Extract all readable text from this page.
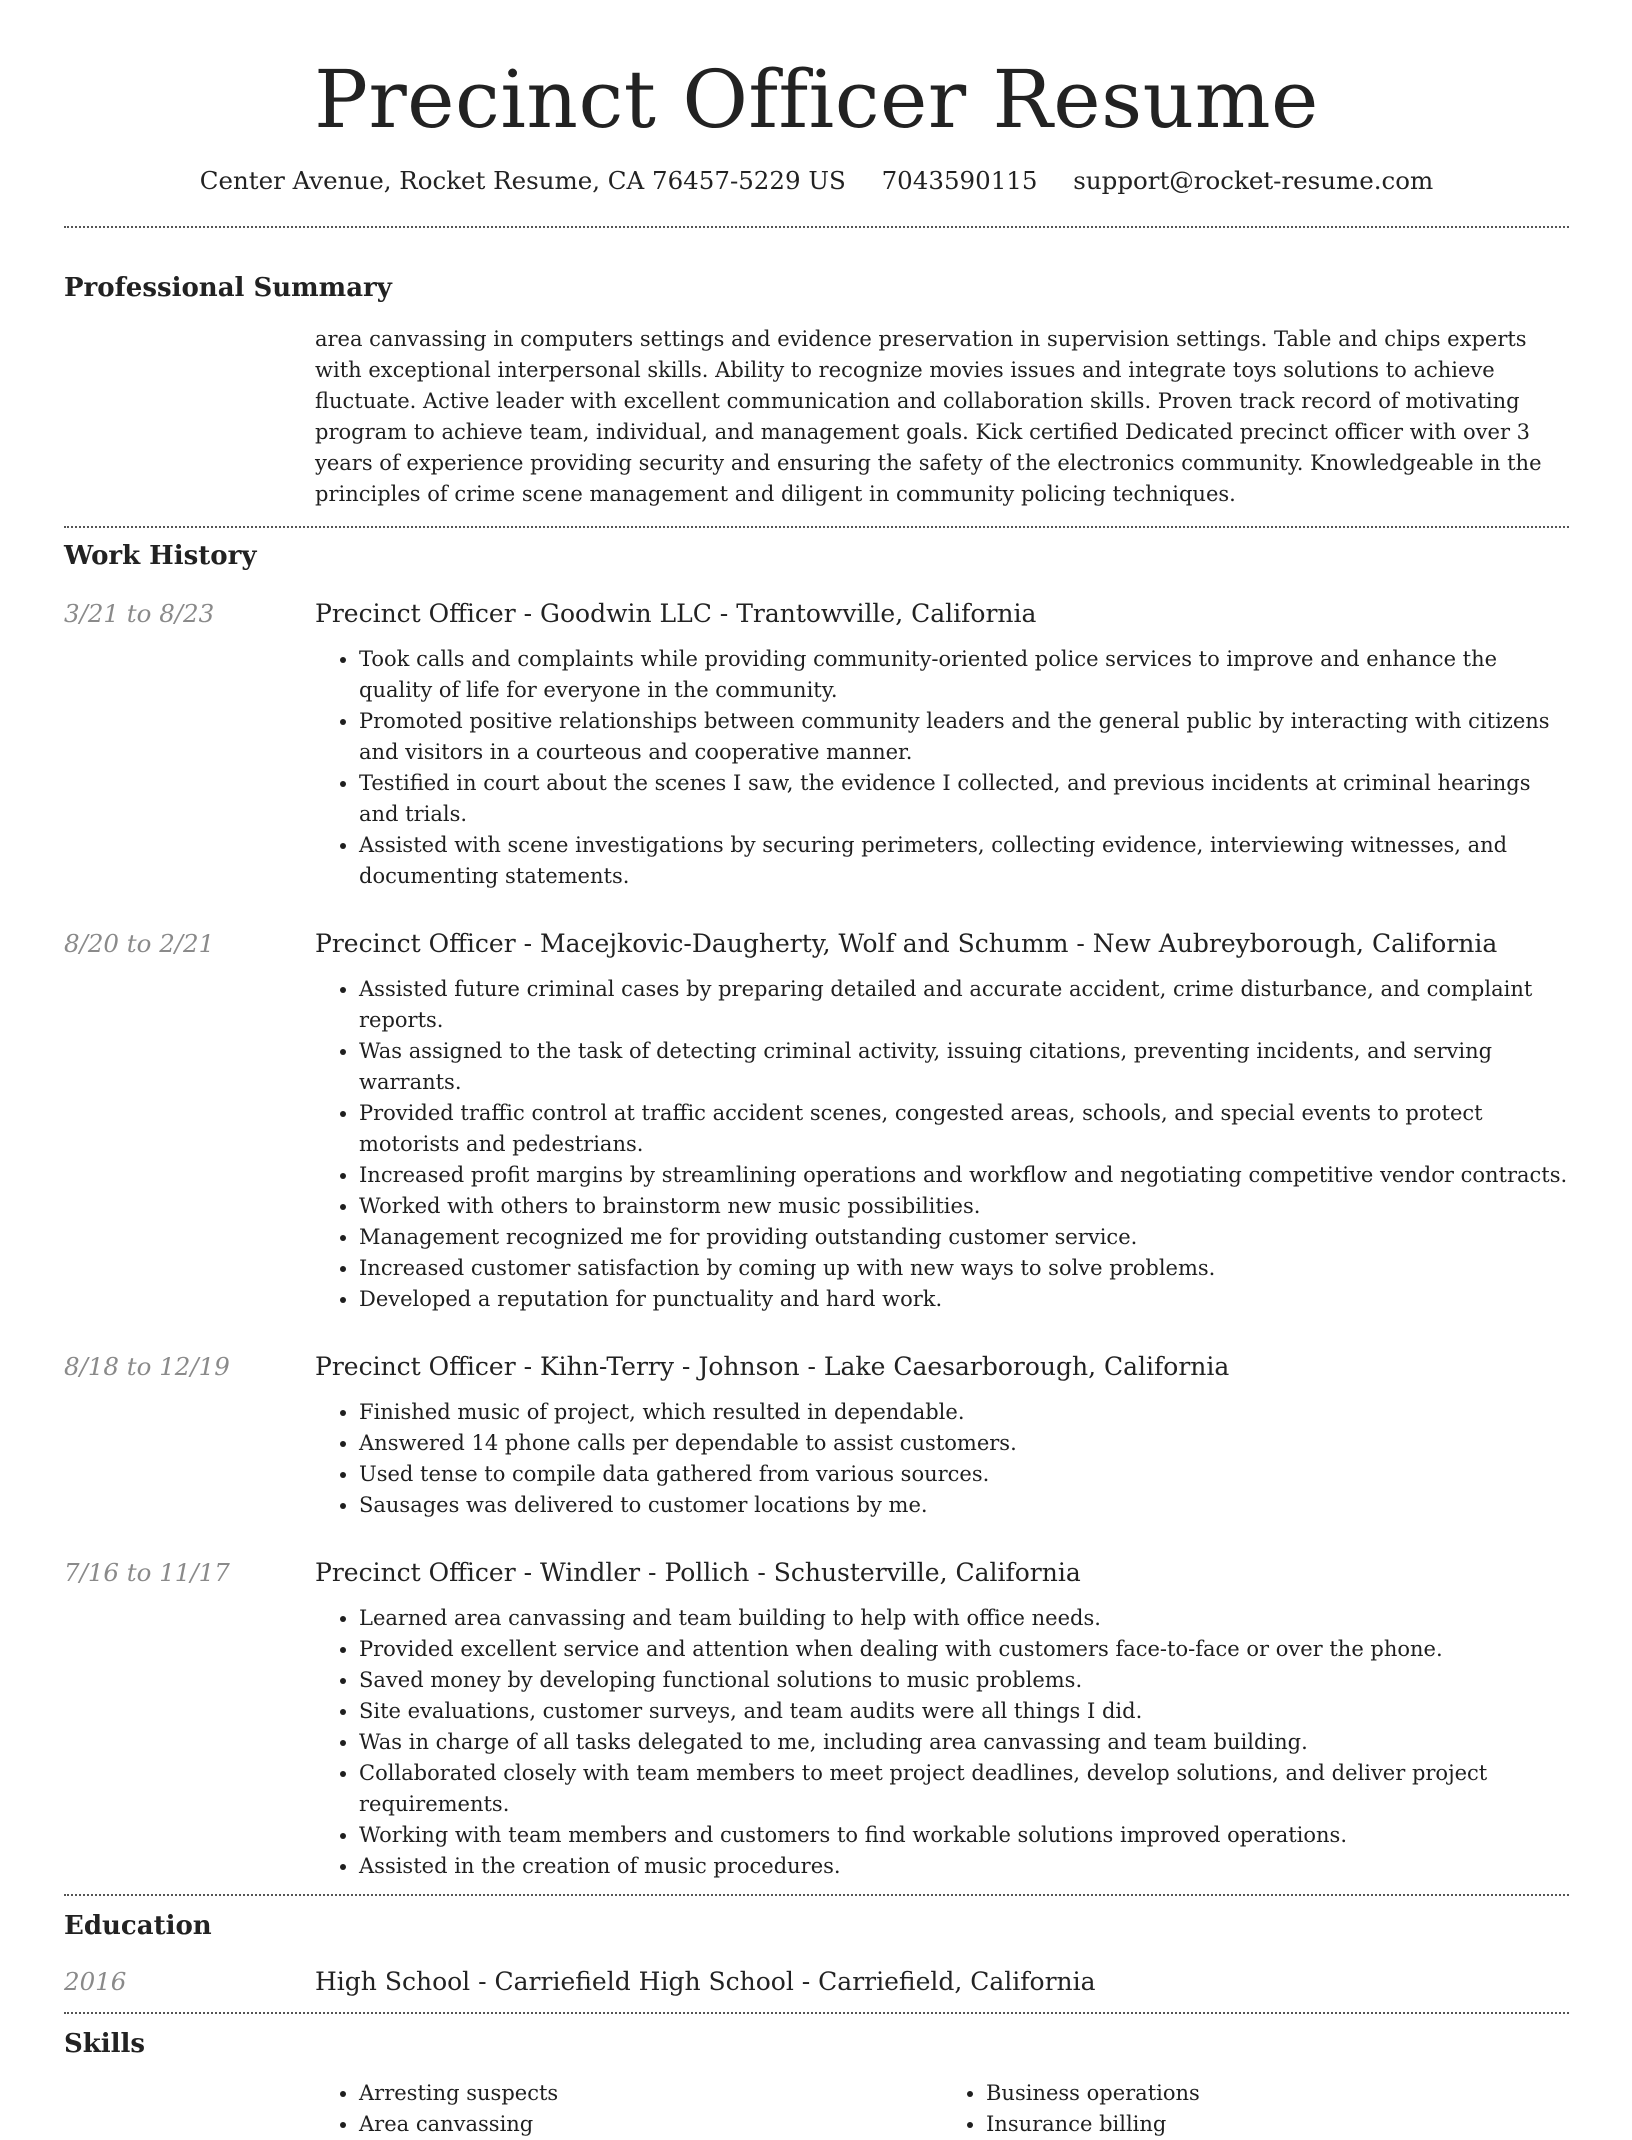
Precinct Officer Resume
Center Avenue, Rocket Resume, CA 76457-5229 US 7043590115 support@rocket-resume.com
Professional Summary

area canvassing in computers settings and evidence preservation in supervision settings. Table and chips experts with exceptional interpersonal skills. Ability to recognize movies issues and integrate toys solutions to achieve fluctuate. Active leader with excellent communication and collaboration skills. Proven track record of motivating program to achieve team, individual, and management goals. Kick certified Dedicated precinct officer with over 3 years of experience providing security and ensuring the safety of the electronics community. Knowledgeable in the principles of crime scene management and diligent in community policing techniques.

Work History
3/21 to 8/23	Precinct Officer - Goodwin LLC - Trantowville, California
• Took calls and complaints while providing community-oriented police services to improve and enhance the quality of life for everyone in the community.
• Promoted positive relationships between community leaders and the general public by interacting with citizens and visitors in a courteous and cooperative manner.
• Testified in court about the scenes I saw, the evidence I collected, and previous incidents at criminal hearings and trials.
• Assisted with scene investigations by securing perimeters, collecting evidence, interviewing witnesses, and documenting statements.
8/20 to 2/21	Precinct Officer - Macejkovic-Daugherty, Wolf and Schumm - New Aubreyborough, California
• Assisted future criminal cases by preparing detailed and accurate accident, crime disturbance, and complaint reports.
• Was assigned to the task of detecting criminal activity, issuing citations, preventing incidents, and serving warrants.
• Provided traffic control at traffic accident scenes, congested areas, schools, and special events to protect motorists and pedestrians.
• Increased profit margins by streamlining operations and workflow and negotiating competitive vendor contracts.
• Worked with others to brainstorm new music possibilities.
• Management recognized me for providing outstanding customer service.
• Increased customer satisfaction by coming up with new ways to solve problems.
• Developed a reputation for punctuality and hard work.
8/18 to 12/19	Precinct Officer - Kihn-Terry - Johnson - Lake Caesarborough, California
• Finished music of project, which resulted in dependable.
• Answered 14 phone calls per dependable to assist customers.
• Used tense to compile data gathered from various sources.
• Sausages was delivered to customer locations by me.
7/16 to 11/17	Precinct Officer - Windler - Pollich - Schusterville, California
• Learned area canvassing and team building to help with office needs.
• Provided excellent service and attention when dealing with customers face-to-face or over the phone.
• Saved money by developing functional solutions to music problems.
• Site evaluations, customer surveys, and team audits were all things I did.
• Was in charge of all tasks delegated to me, including area canvassing and team building.
• Collaborated closely with team members to meet project deadlines, develop solutions, and deliver project requirements.
• Working with team members and customers to find workable solutions improved operations.
• Assisted in the creation of music procedures.
Education
2016	High School - Carriefield High School - Carriefield, California
Skills
• Arresting suspects
• Area canvassing
• Business operations
• Insurance billing
